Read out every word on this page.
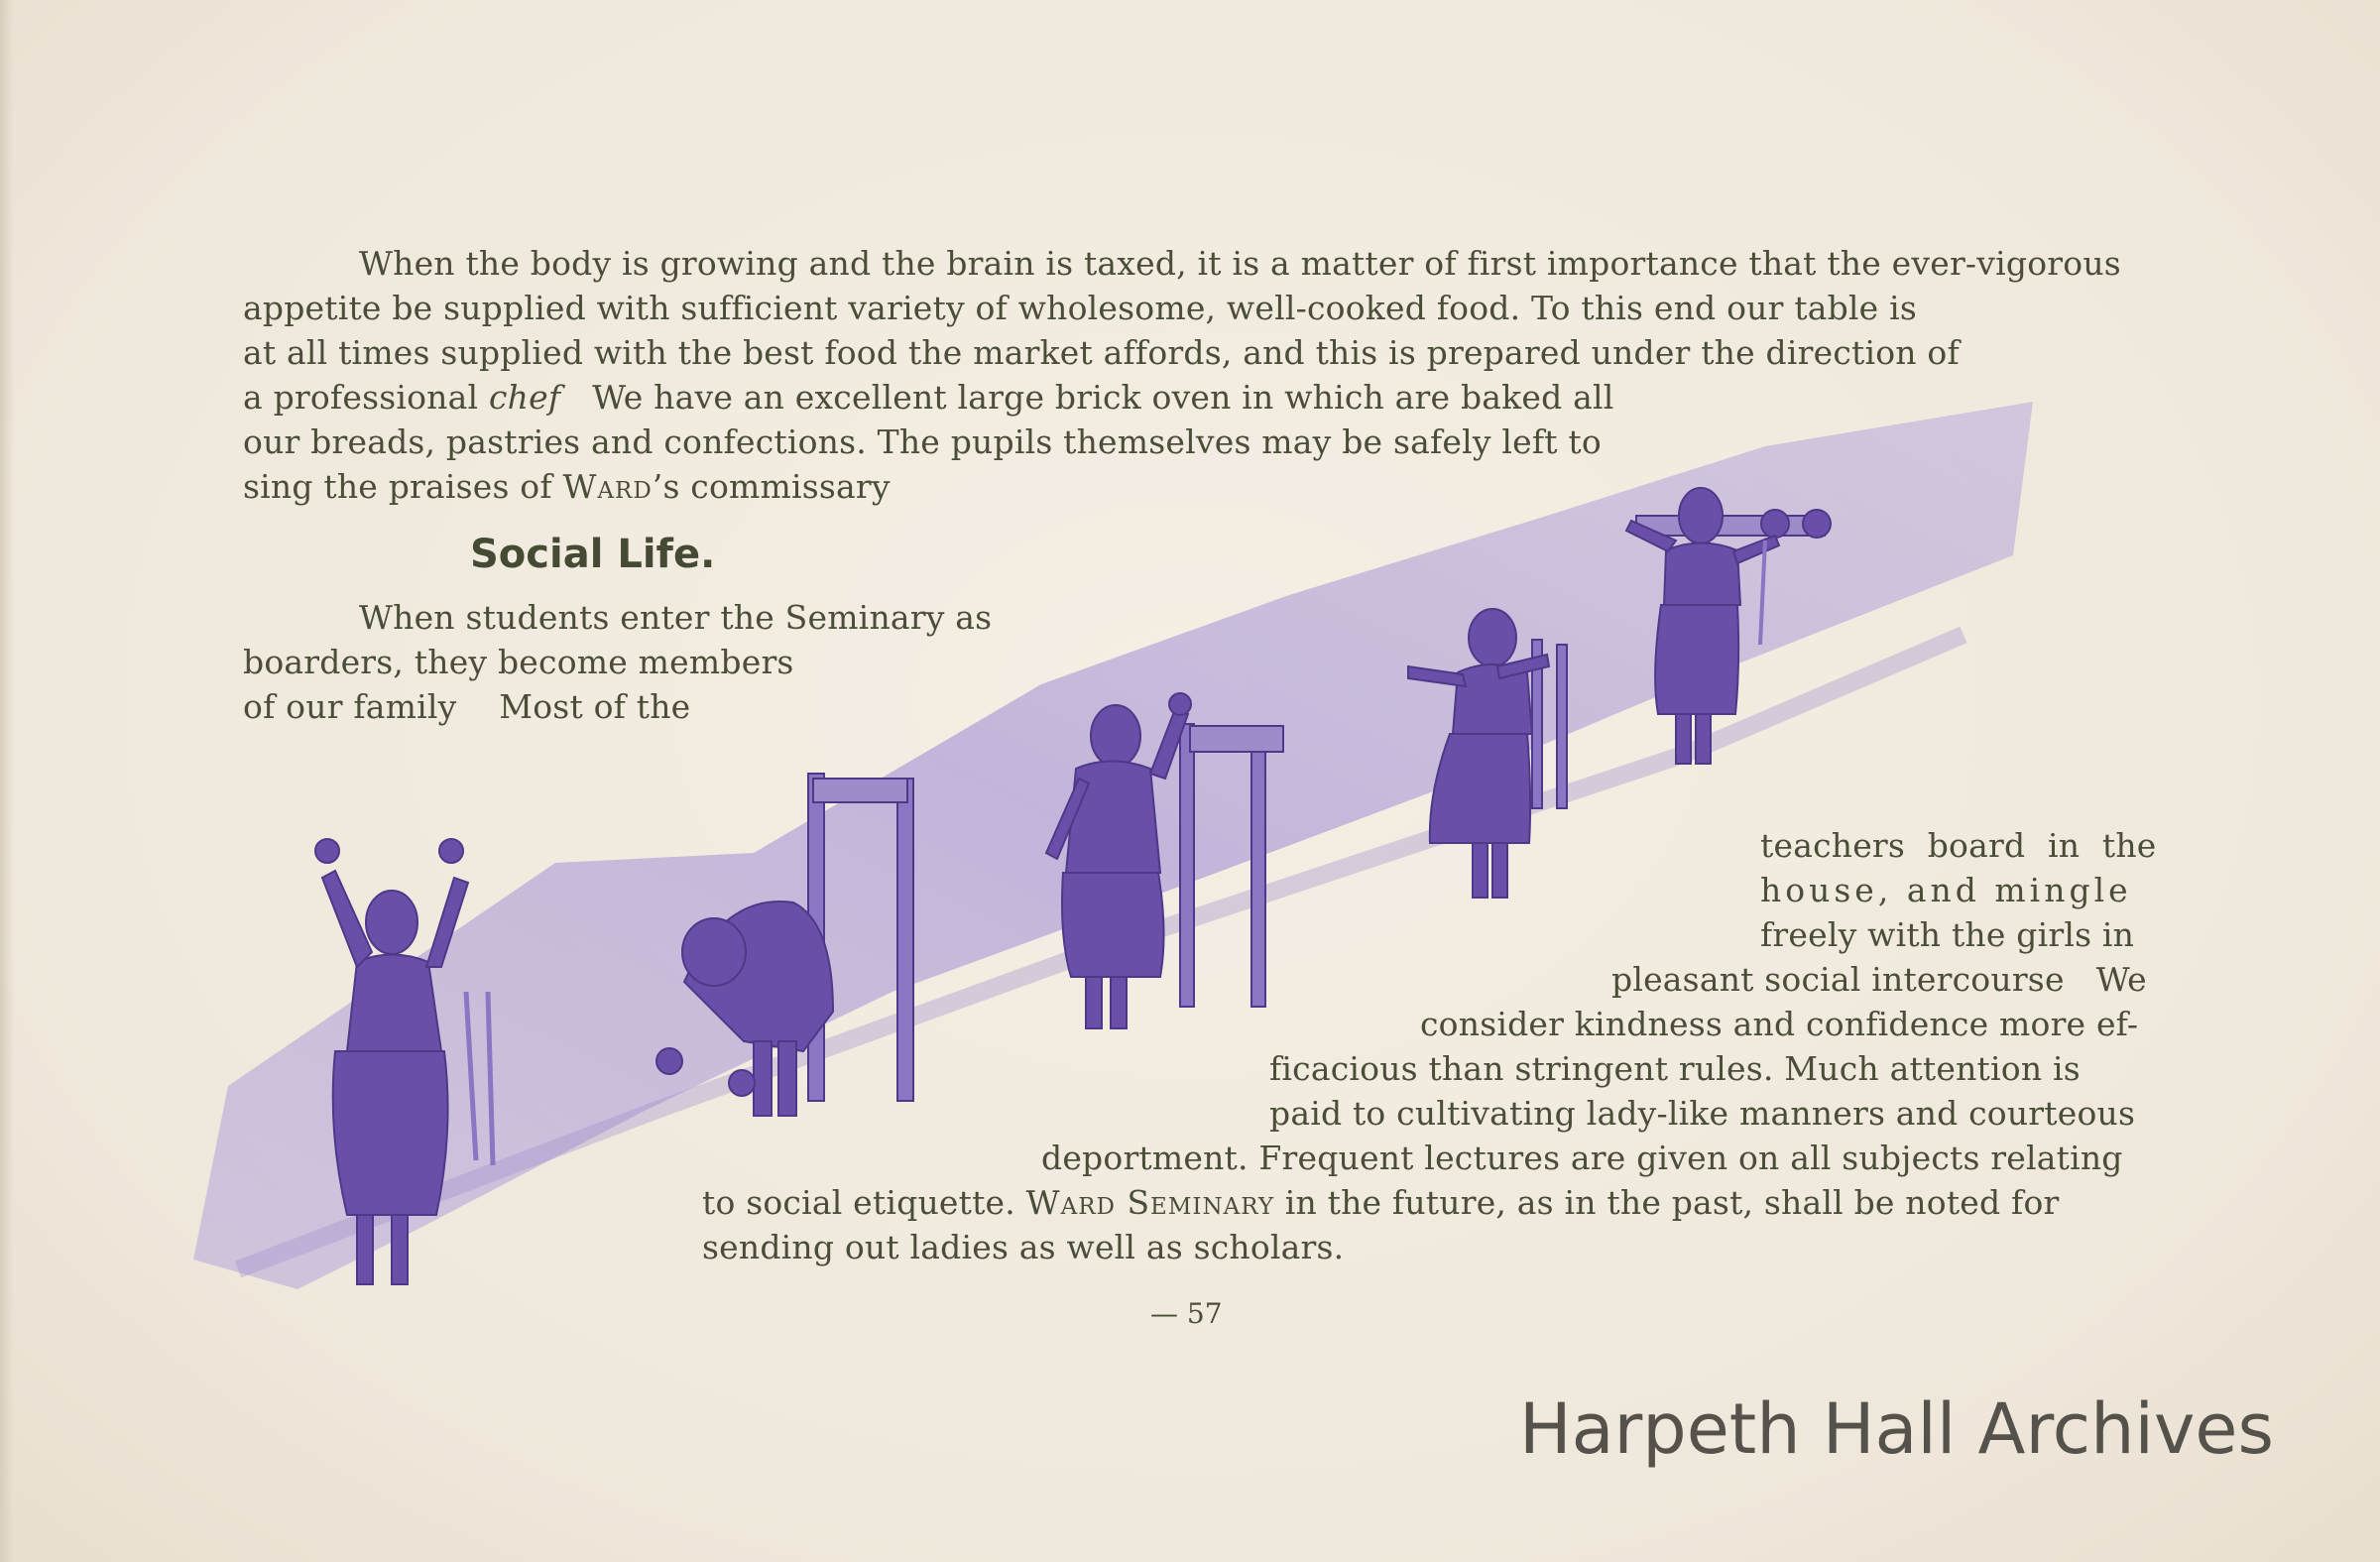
When the body is growing and the brain is taxed, it is a matter of first importance that the ever-vigorous
appetite be supplied with sufficient variety of wholesome, well-cooked food. To this end our table is
at all times supplied with the best food the market affords, and this is prepared under the direction of
a professional chef   We have an excellent large brick oven in which are baked all
our breads, pastries and confections. The pupils themselves may be safely left to
sing the praises of Ward’s commissary
Social Life.
When students enter the Seminary as
boarders, they become members
of our family    Most of the
teachers board in the
house, and mingle
freely with the girls in
pleasant social intercourse   We
consider kindness and confidence more ef-
ficacious than stringent rules. Much attention is
paid to cultivating lady-like manners and courteous
deportment. Frequent lectures are given on all subjects relating
to social etiquette. Ward Seminary in the future, as in the past, shall be noted for
sending out ladies as well as scholars.
— 57
Harpeth Hall Archives
